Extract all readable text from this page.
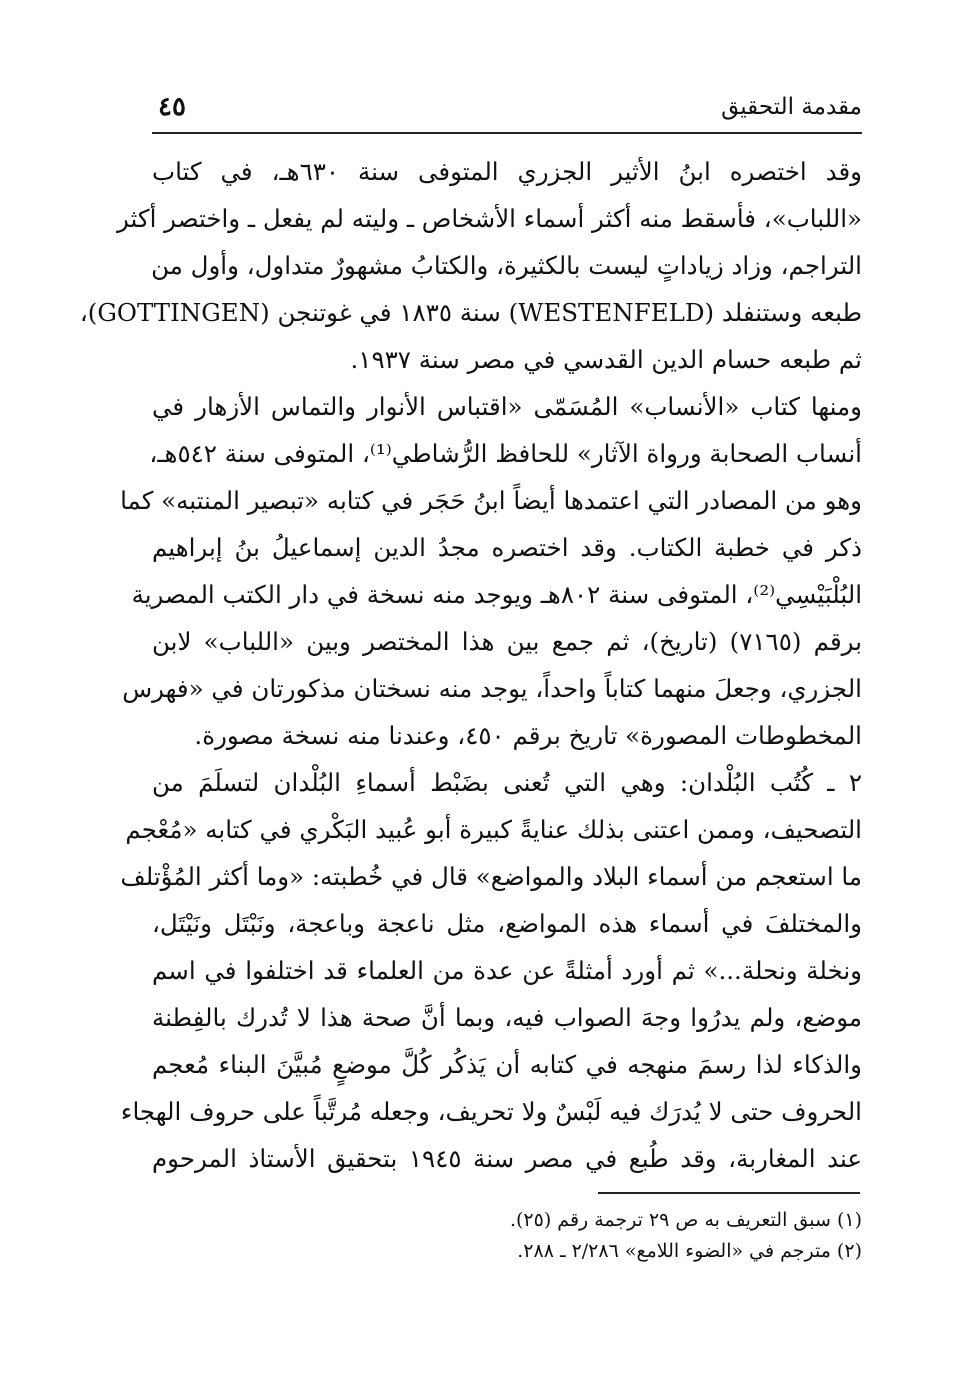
٤٥	مقدمة التحقيق
وقد اختصره ابنُ الأثير الجزري المتوفى سنة ٦٣٠هـ، في كتاب
«اللباب»، فأسقط منه أكثر أسماء الأشخاص ـ وليته لم يفعل ـ واختصر أكثر
التراجم، وزاد زياداتٍ ليست بالكثيرة، والكتابُ مشهورٌ متداول، وأول من
طبعه وستنفلد (WESTENFELD) سنة ١٨٣٥ في غوتنجن (GOTTINGEN)،
ثم طبعه حسام الدين القدسي في مصر سنة ١٩٣٧.
ومنها كتاب «الأنساب» المُسَمّى «اقتباس الأنوار والتماس الأزهار في
أنساب الصحابة ورواة الآثار» للحافظ الرُّشاطي⁽¹⁾، المتوفى سنة ٥٤٢هـ،
وهو من المصادر التي اعتمدها أيضاً ابنُ حَجَر في كتابه «تبصير المنتبه» كما
ذكر في خطبة الكتاب. وقد اختصره مجدُ الدين إسماعيلُ بنُ إبراهيم
البُلْبَيْسِي⁽²⁾، المتوفى سنة ٨٠٢هـ ويوجد منه نسخة في دار الكتب المصرية
برقم (٧١٦٥) (تاريخ)، ثم جمع بين هذا المختصر وبين «اللباب» لابن
الجزري، وجعلَ منهما كتاباً واحداً، يوجد منه نسختان مذكورتان في «فهرس
المخطوطات المصورة» تاريخ برقم ٤٥٠، وعندنا منه نسخة مصورة.
٢ ـ كُتُب البُلْدان: وهي التي تُعنى بضَبْط أسماءِ البُلْدان لتسلَمَ من
التصحيف، وممن اعتنى بذلك عنايةً كبيرة أبو عُبيد البَكْري في كتابه «مُعْجم
ما استعجم من أسماء البلاد والمواضع» قال في خُطبته: «وما أكثر المُؤْتلف
والمختلفَ في أسماء هذه المواضع، مثل ناعجة وباعجة، ونَبْتَل ونَيْتَل،
ونخلة ونحلة...» ثم أورد أمثلةً عن عدة من العلماء قد اختلفوا في اسم
موضع، ولم يدرُوا وجهَ الصواب فيه، وبما أنَّ صحة هذا لا تُدرك بالفِطنة
والذكاء لذا رسمَ منهجه في كتابه أن يَذكُر كُلَّ موضعٍ مُبيَّنَ البناء مُعجم
الحروف حتى لا يُدرَك فيه لَبْسٌ ولا تحريف، وجعله مُرتَّباً على حروف الهجاء
عند المغاربة، وقد طُبع في مصر سنة ١٩٤٥ بتحقيق الأستاذ المرحوم
(١) سبق التعريف به ص ٢٩ ترجمة رقم (٢٥).
(٢) مترجم في «الضوء اللامع» ٢/٢٨٦ ـ ٢٨٨.
